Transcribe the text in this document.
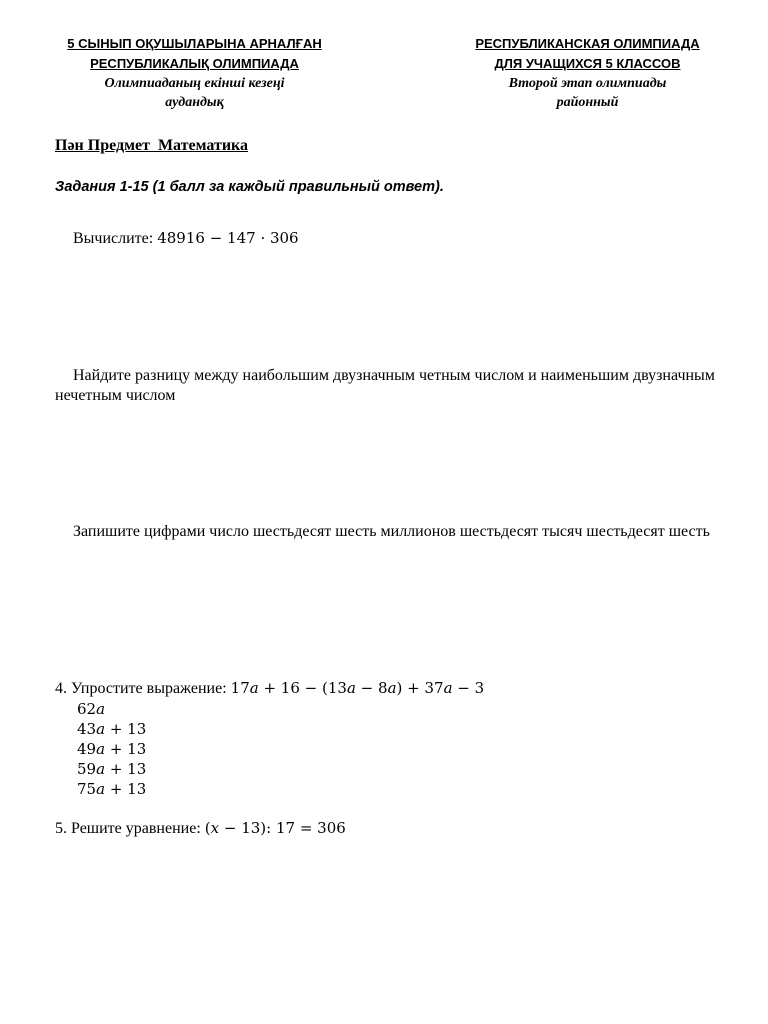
5 СЫНЫП ОҚУШЫЛАРЫНА АРНАЛҒАН
РЕСПУБЛИКАЛЫҚ ОЛИМПИАДА
Олимпиаданың екінші кезеңі
аудандық
РЕСПУБЛИКАНСКАЯ ОЛИМПИАДА
ДЛЯ УЧАЩИХСЯ 5 КЛАССОВ
Второй этап олимпиады
районный
Пән Предмет  Математика
Задания 1-15 (1 балл за каждый правильный ответ).
Вычислите: 48916 − 147 · 306
Найдите разницу между наибольшим двузначным четным числом и наименьшим двузначным нечетным числом
Запишите цифрами число шестьдесят шесть миллионов шестьдесят тысяч шестьдесят шесть
4. Упростите выражение: 17a + 16 − (13a − 8a) + 37a − 3
62a
43a + 13
49a + 13
59a + 13
75a + 13
5. Решите уравнение: (x − 13): 17 = 306
